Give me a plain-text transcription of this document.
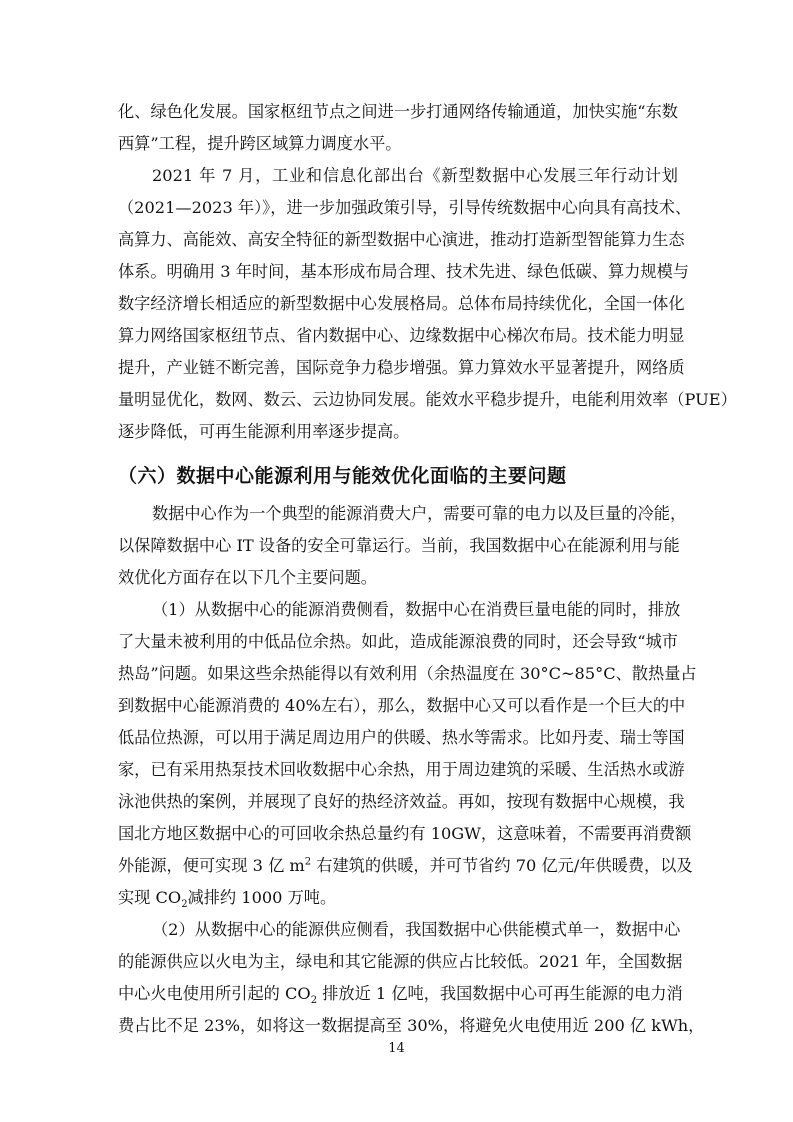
化、绿色化发展。国家枢纽节点之间进一步打通网络传输通道，加快实施“东数
西算”工程，提升跨区域算力调度水平。
2021 年 7 月，工业和信息化部出台《新型数据中心发展三年行动计划
（2021—2023 年）》，进一步加强政策引导，引导传统数据中心向具有高技术、
高算力、高能效、高安全特征的新型数据中心演进，推动打造新型智能算力生态
体系。明确用 3 年时间，基本形成布局合理、技术先进、绿色低碳、算力规模与
数字经济增长相适应的新型数据中心发展格局。总体布局持续优化，全国一体化
算力网络国家枢纽节点、省内数据中心、边缘数据中心梯次布局。技术能力明显
提升，产业链不断完善，国际竞争力稳步增强。算力算效水平显著提升，网络质
量明显优化，数网、数云、云边协同发展。能效水平稳步提升，电能利用效率（PUE）
逐步降低，可再生能源利用率逐步提高。
（六）数据中心能源利用与能效优化面临的主要问题
数据中心作为一个典型的能源消费大户，需要可靠的电力以及巨量的冷能，
以保障数据中心 IT 设备的安全可靠运行。当前，我国数据中心在能源利用与能
效优化方面存在以下几个主要问题。
（1）从数据中心的能源消费侧看，数据中心在消费巨量电能的同时，排放
了大量未被利用的中低品位余热。如此，造成能源浪费的同时，还会导致“城市
热岛”问题。如果这些余热能得以有效利用（余热温度在 30°C~85°C、散热量占
到数据中心能源消费的 40%左右），那么，数据中心又可以看作是一个巨大的中
低品位热源，可以用于满足周边用户的供暖、热水等需求。比如丹麦、瑞士等国
家，已有采用热泵技术回收数据中心余热，用于周边建筑的采暖、生活热水或游
泳池供热的案例，并展现了良好的热经济效益。再如，按现有数据中心规模，我
国北方地区数据中心的可回收余热总量约有 10GW，这意味着，不需要再消费额
外能源，便可实现 3 亿 $m^2$ 右建筑的供暖，并可节省约 70 亿元/年供暖费，以及
实现 $CO_2$减排约 1000 万吨。
（2）从数据中心的能源供应侧看，我国数据中心供能模式单一，数据中心
的能源供应以火电为主，绿电和其它能源的供应占比较低。2021 年，全国数据
中心火电使用所引起的 $CO_2$ 排放近 1 亿吨，我国数据中心可再生能源的电力消
费占比不足 23%，如将这一数据提高至 30%，将避免火电使用近 200 亿 kWh，
14
